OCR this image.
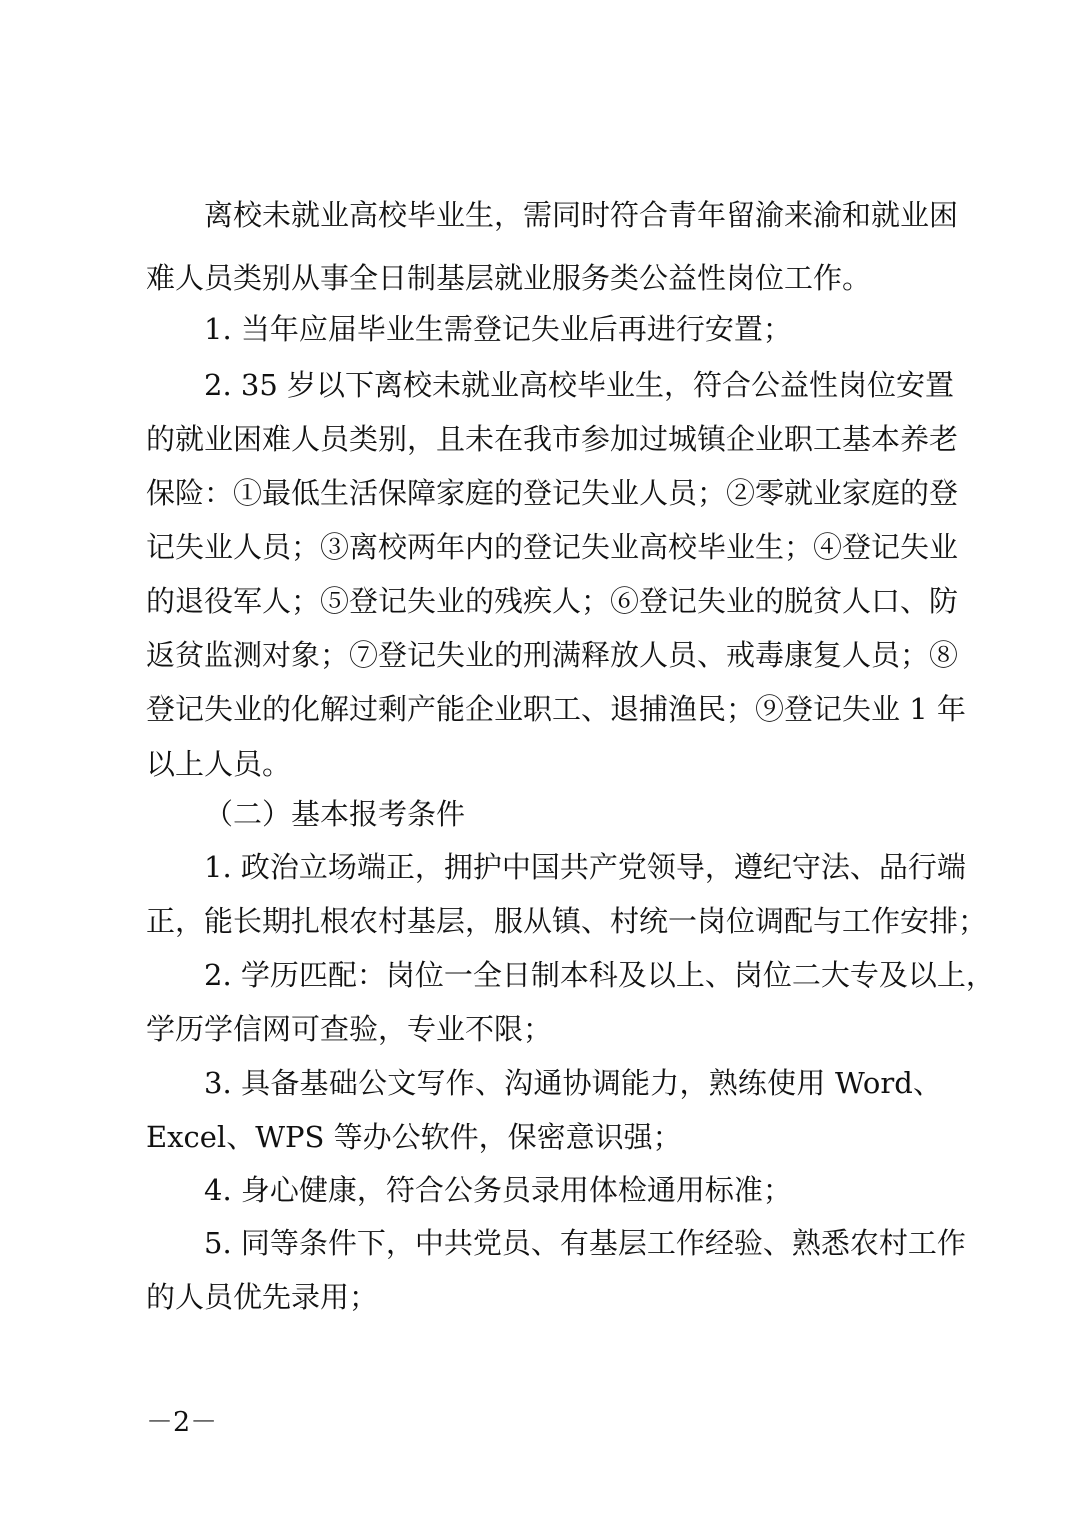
离校未就业高校毕业生，需同时符合青年留渝来渝和就业困
难人员类别从事全日制基层就业服务类公益性岗位工作。
1. 当年应届毕业生需登记失业后再进行安置；
2. 35 岁以下离校未就业高校毕业生，符合公益性岗位安置
的就业困难人员类别，且未在我市参加过城镇企业职工基本养老
保险：①最低生活保障家庭的登记失业人员；②零就业家庭的登
记失业人员；③离校两年内的登记失业高校毕业生；④登记失业
的退役军人；⑤登记失业的残疾人；⑥登记失业的脱贫人口、防
返贫监测对象；⑦登记失业的刑满释放人员、戒毒康复人员；⑧
登记失业的化解过剩产能企业职工、退捕渔民；⑨登记失业 1 年
以上人员。
（二）基本报考条件
1. 政治立场端正，拥护中国共产党领导，遵纪守法、品行端
正，能长期扎根农村基层，服从镇、村统一岗位调配与工作安排；
2. 学历匹配：岗位一全日制本科及以上、岗位二大专及以上，
学历学信网可查验，专业不限；
3. 具备基础公文写作、沟通协调能力，熟练使用 Word、
Excel、WPS 等办公软件，保密意识强；
4. 身心健康，符合公务员录用体检通用标准；
5. 同等条件下，中共党员、有基层工作经验、熟悉农村工作
的人员优先录用；
－2－
